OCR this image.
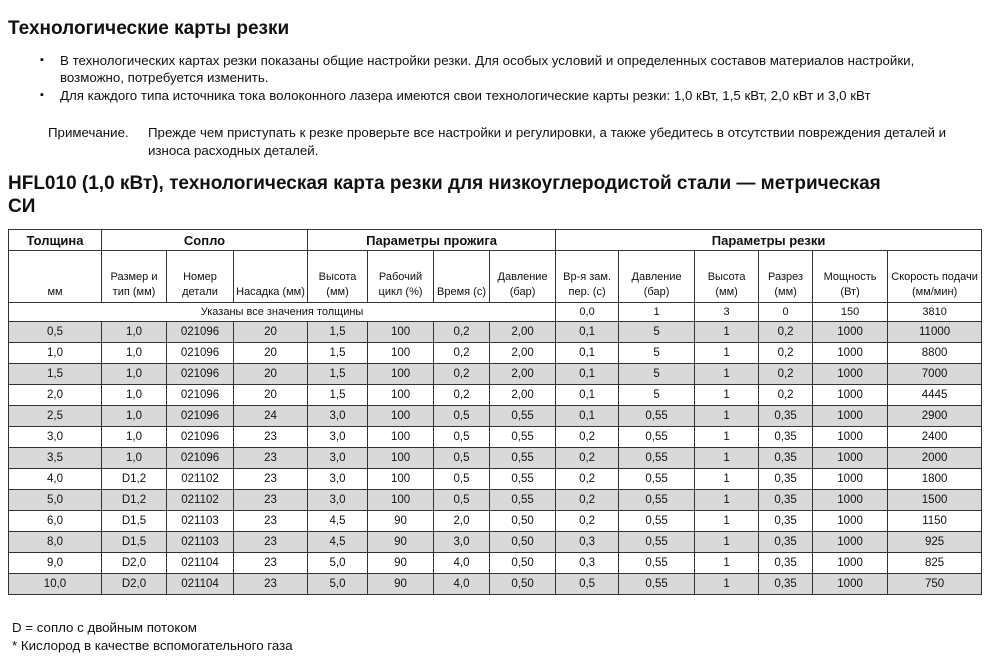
Технологические карты резки
▪ В технологических картах резки показаны общие настройки резки. Для особых условий и определенных составов материалов настройки, возможно, потребуется изменить.
▪ Для каждого типа источника тока волоконного лазера имеются свои технологические карты резки: 1,0 кВт, 1,5 кВт, 2,0 кВт и 3,0 кВт
Примечание.	Прежде чем приступать к резке проверьте все настройки и регулировки, а также убедитесь в отсутствии повреждения деталей и износа расходных деталей.
HFL010 (1,0 кВт), технологическая карта резки для низкоуглеродистой стали — метрическая СИ
Толщина	Сопло			Параметры прожига				Параметры резки					
мм	Размер и тип (мм)	Номер детали	Насадка (мм)	Высота (мм)	Рабочий цикл (%)	Время (с)	Давление (бар)	Вр-я зам. пер. (с)	Давление (бар)	Высота (мм)	Разрез (мм)	Мощность (Вт)	Скорость подачи (мм/мин)
Указаны все значения толщины								0,0	1	3	0	150	3810
0,5	1,0	021096	20	1,5	100	0,2	2,00	0,1	5	1	0,2	1000	11000
1,0	1,0	021096	20	1,5	100	0,2	2,00	0,1	5	1	0,2	1000	8800
1,5	1,0	021096	20	1,5	100	0,2	2,00	0,1	5	1	0,2	1000	7000
2,0	1,0	021096	20	1,5	100	0,2	2,00	0,1	5	1	0,2	1000	4445
2,5	1,0	021096	24	3,0	100	0,5	0,55	0,1	0,55	1	0,35	1000	2900
3,0	1,0	021096	23	3,0	100	0,5	0,55	0,2	0,55	1	0,35	1000	2400
3,5	1,0	021096	23	3,0	100	0,5	0,55	0,2	0,55	1	0,35	1000	2000
4,0	D1,2	021102	23	3,0	100	0,5	0,55	0,2	0,55	1	0,35	1000	1800
5,0	D1,2	021102	23	3,0	100	0,5	0,55	0,2	0,55	1	0,35	1000	1500
6,0	D1,5	021103	23	4,5	90	2,0	0,50	0,2	0,55	1	0,35	1000	1150
8,0	D1,5	021103	23	4,5	90	3,0	0,50	0,3	0,55	1	0,35	1000	925
9,0	D2,0	021104	23	5,0	90	4,0	0,50	0,3	0,55	1	0,35	1000	825
10,0	D2,0	021104	23	5,0	90	4,0	0,50	0,5	0,55	1	0,35	1000	750
D = сопло с двойным потоком
* Кислород в качестве вспомогательного газа
